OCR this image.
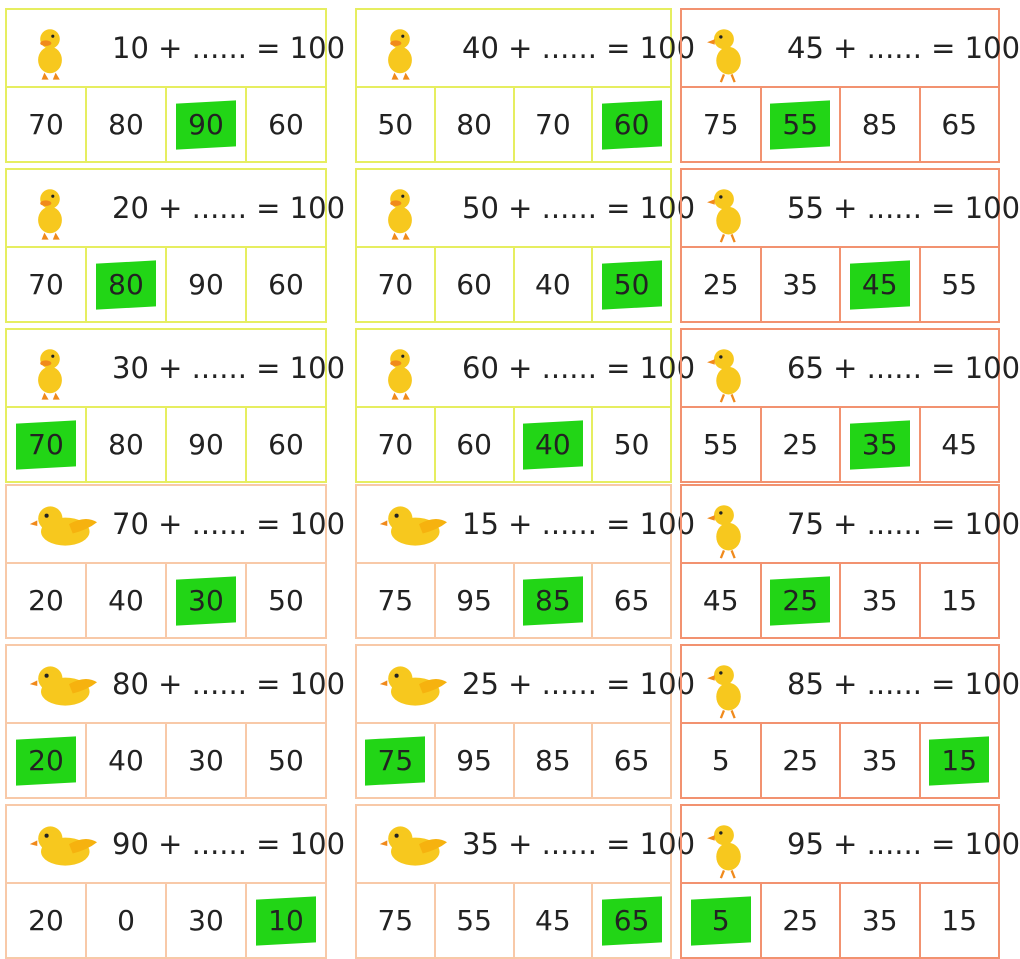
10 + ...... = 100
70 80 90 60
20 + ...... = 100
70 80 90 60
30 + ...... = 100
70 80 90 60
70 + ...... = 100
20 40 30 50
80 + ...... = 100
20 40 30 50
90 + ...... = 100
20 0 30 10
40 + ...... = 100
50 80 70 60
50 + ...... = 100
70 60 40 50
60 + ...... = 100
70 60 40 50
15 + ...... = 100
75 95 85 65
25 + ...... = 100
75 95 85 65
35 + ...... = 100
75 55 45 65
45 + ...... = 100
75 55 85 65
55 + ...... = 100
25 35 45 55
65 + ...... = 100
55 25 35 45
75 + ...... = 100
45 25 35 15
85 + ...... = 100
5 25 35 15
95 + ...... = 100
5 25 35 15
